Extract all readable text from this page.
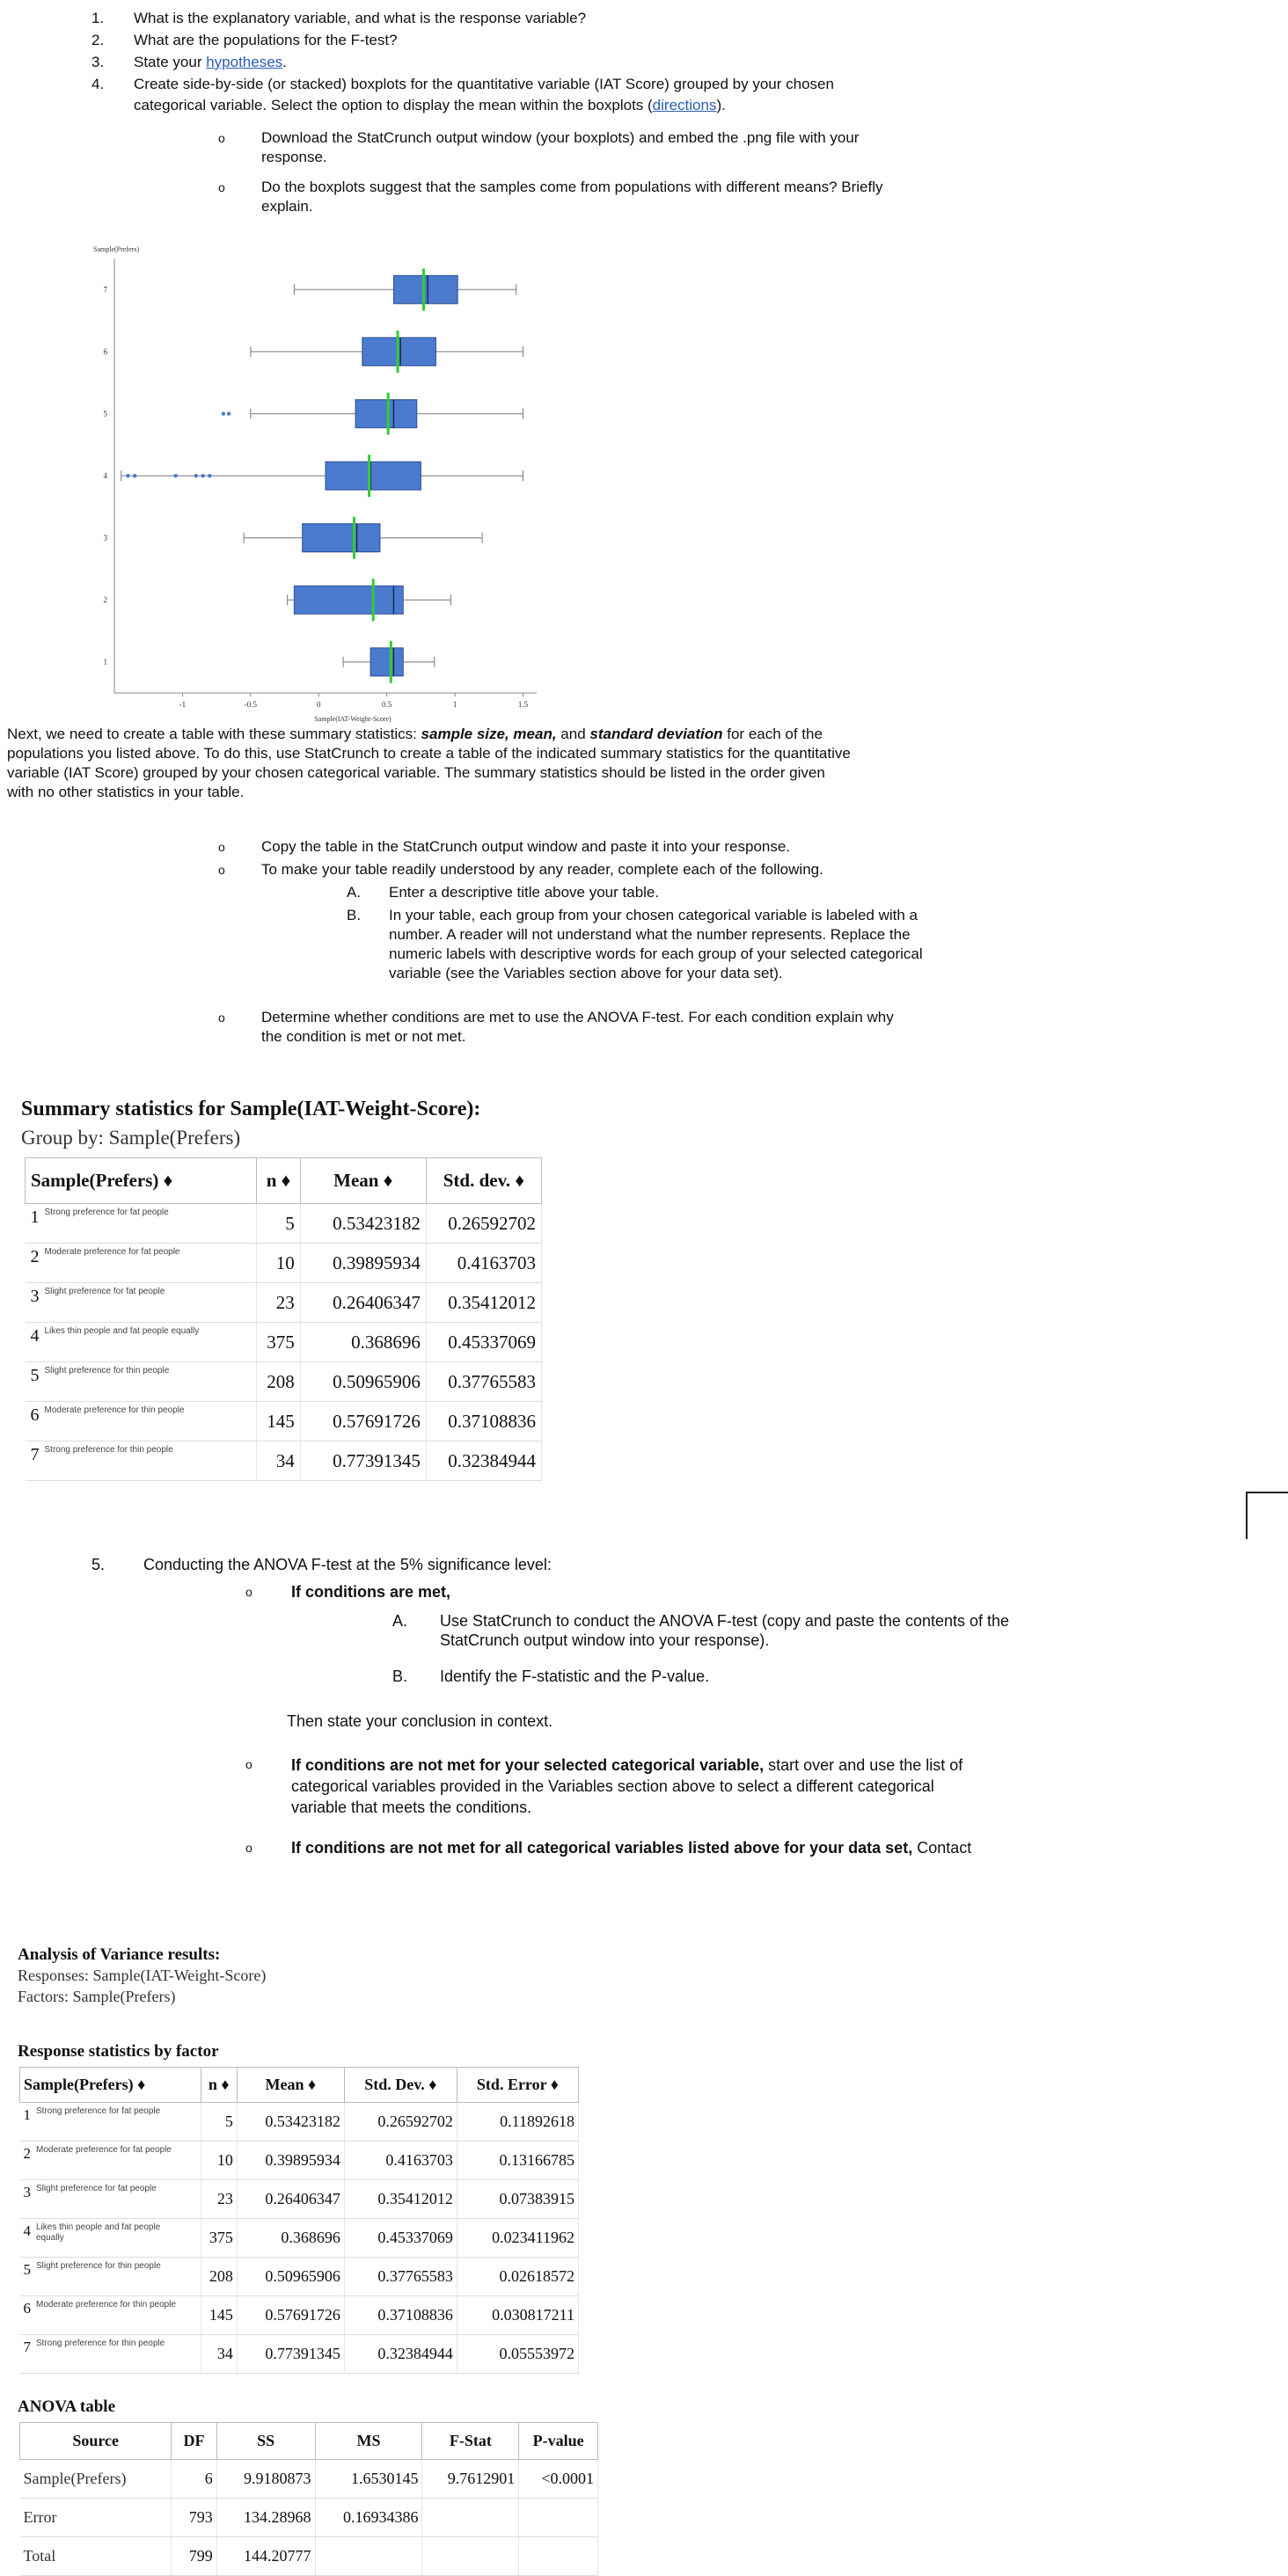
1.	What is the explanatory variable, and what is the response variable?
2.	What are the populations for the F-test?
3.	State your hypotheses.
4.	Create side-by-side (or stacked) boxplots for the quantitative variable (IAT Score) grouped by your chosen
categorical variable. Select the option to display the mean within the boxplots (directions).
o Download the StatCrunch output window (your boxplots) and embed the .png file with your
response.
o Do the boxplots suggest that the samples come from populations with different means? Briefly
explain.
Sample(Prefers)
-1	-0.5	0	0.5	1	1.5
Sample(IAT-Weight-Score)
1
2
3
4
5
6
7
Next, we need to create a table with these summary statistics: sample size, mean, and standard deviation for each of the
populations you listed above. To do this, use StatCrunch to create a table of the indicated summary statistics for the quantitative
variable (IAT Score) grouped by your chosen categorical variable. The summary statistics should be listed in the order given
with no other statistics in your table.
o Copy the table in the StatCrunch output window and paste it into your response.
o To make your table readily understood by any reader, complete each of the following.
A. Enter a descriptive title above your table.
B. In your table, each group from your chosen categorical variable is labeled with a
number. A reader will not understand what the number represents. Replace the
numeric labels with descriptive words for each group of your selected categorical
variable (see the Variables section above for your data set).
o Determine whether conditions are met to use the ANOVA F-test. For each condition explain why
the condition is met or not met.
Summary statistics for Sample(IAT-Weight-Score):
Group by: Sample(Prefers)
Sample(Prefers) ♦	n ♦	Mean ♦	Std. dev. ♦

1 Strong preference for fat people	5	0.53423182	0.26592702

2 Moderate preference for fat people	10	0.39895934	0.4163703

3 Slight preference for fat people	23	0.26406347	0.35412012

4 Likes thin people and fat people equally	375	0.368696	0.45337069

5 Slight preference for thin people	208	0.50965906	0.37765583

6 Moderate preference for thin people	145	0.57691726	0.37108836

7 Strong preference for thin people	34	0.77391345	0.32384944
5. Conducting the ANOVA F-test at the 5% significance level:
o If conditions are met,
A. Use StatCrunch to conduct the ANOVA F-test (copy and paste the contents of the
StatCrunch output window into your response).
B. Identify the F-statistic and the P-value.
Then state your conclusion in context.
o If conditions are not met for your selected categorical variable, start over and use the list of
categorical variables provided in the Variables section above to select a different categorical
variable that meets the conditions.
o If conditions are not met for all categorical variables listed above for your data set, Contact
Analysis of Variance results:
Responses: Sample(IAT-Weight-Score)
Factors: Sample(Prefers)
Response statistics by factor
Sample(Prefers) ♦	n ♦	Mean ♦	Std. Dev. ♦	Std. Error ♦

1 Strong preference for fat people	5	0.53423182	0.26592702	0.11892618

2 Moderate preference for fat people	10	0.39895934	0.4163703	0.13166785

3 Slight preference for fat people	23	0.26406347	0.35412012	0.07383915

4 Likes thin people and fat people equally	375	0.368696	0.45337069	0.023411962

5 Slight preference for thin people	208	0.50965906	0.37765583	0.02618572

6 Moderate preference for thin people	145	0.57691726	0.37108836	0.030817211

7 Strong preference for thin people	34	0.77391345	0.32384944	0.05553972
ANOVA table
Source	DF	SS	MS	F-Stat	P-value
Sample(Prefers)	6	9.9180873	1.6530145	9.7612901	<0.0001
Error	793	134.28968	0.16934386		
Total	799	144.20777			
